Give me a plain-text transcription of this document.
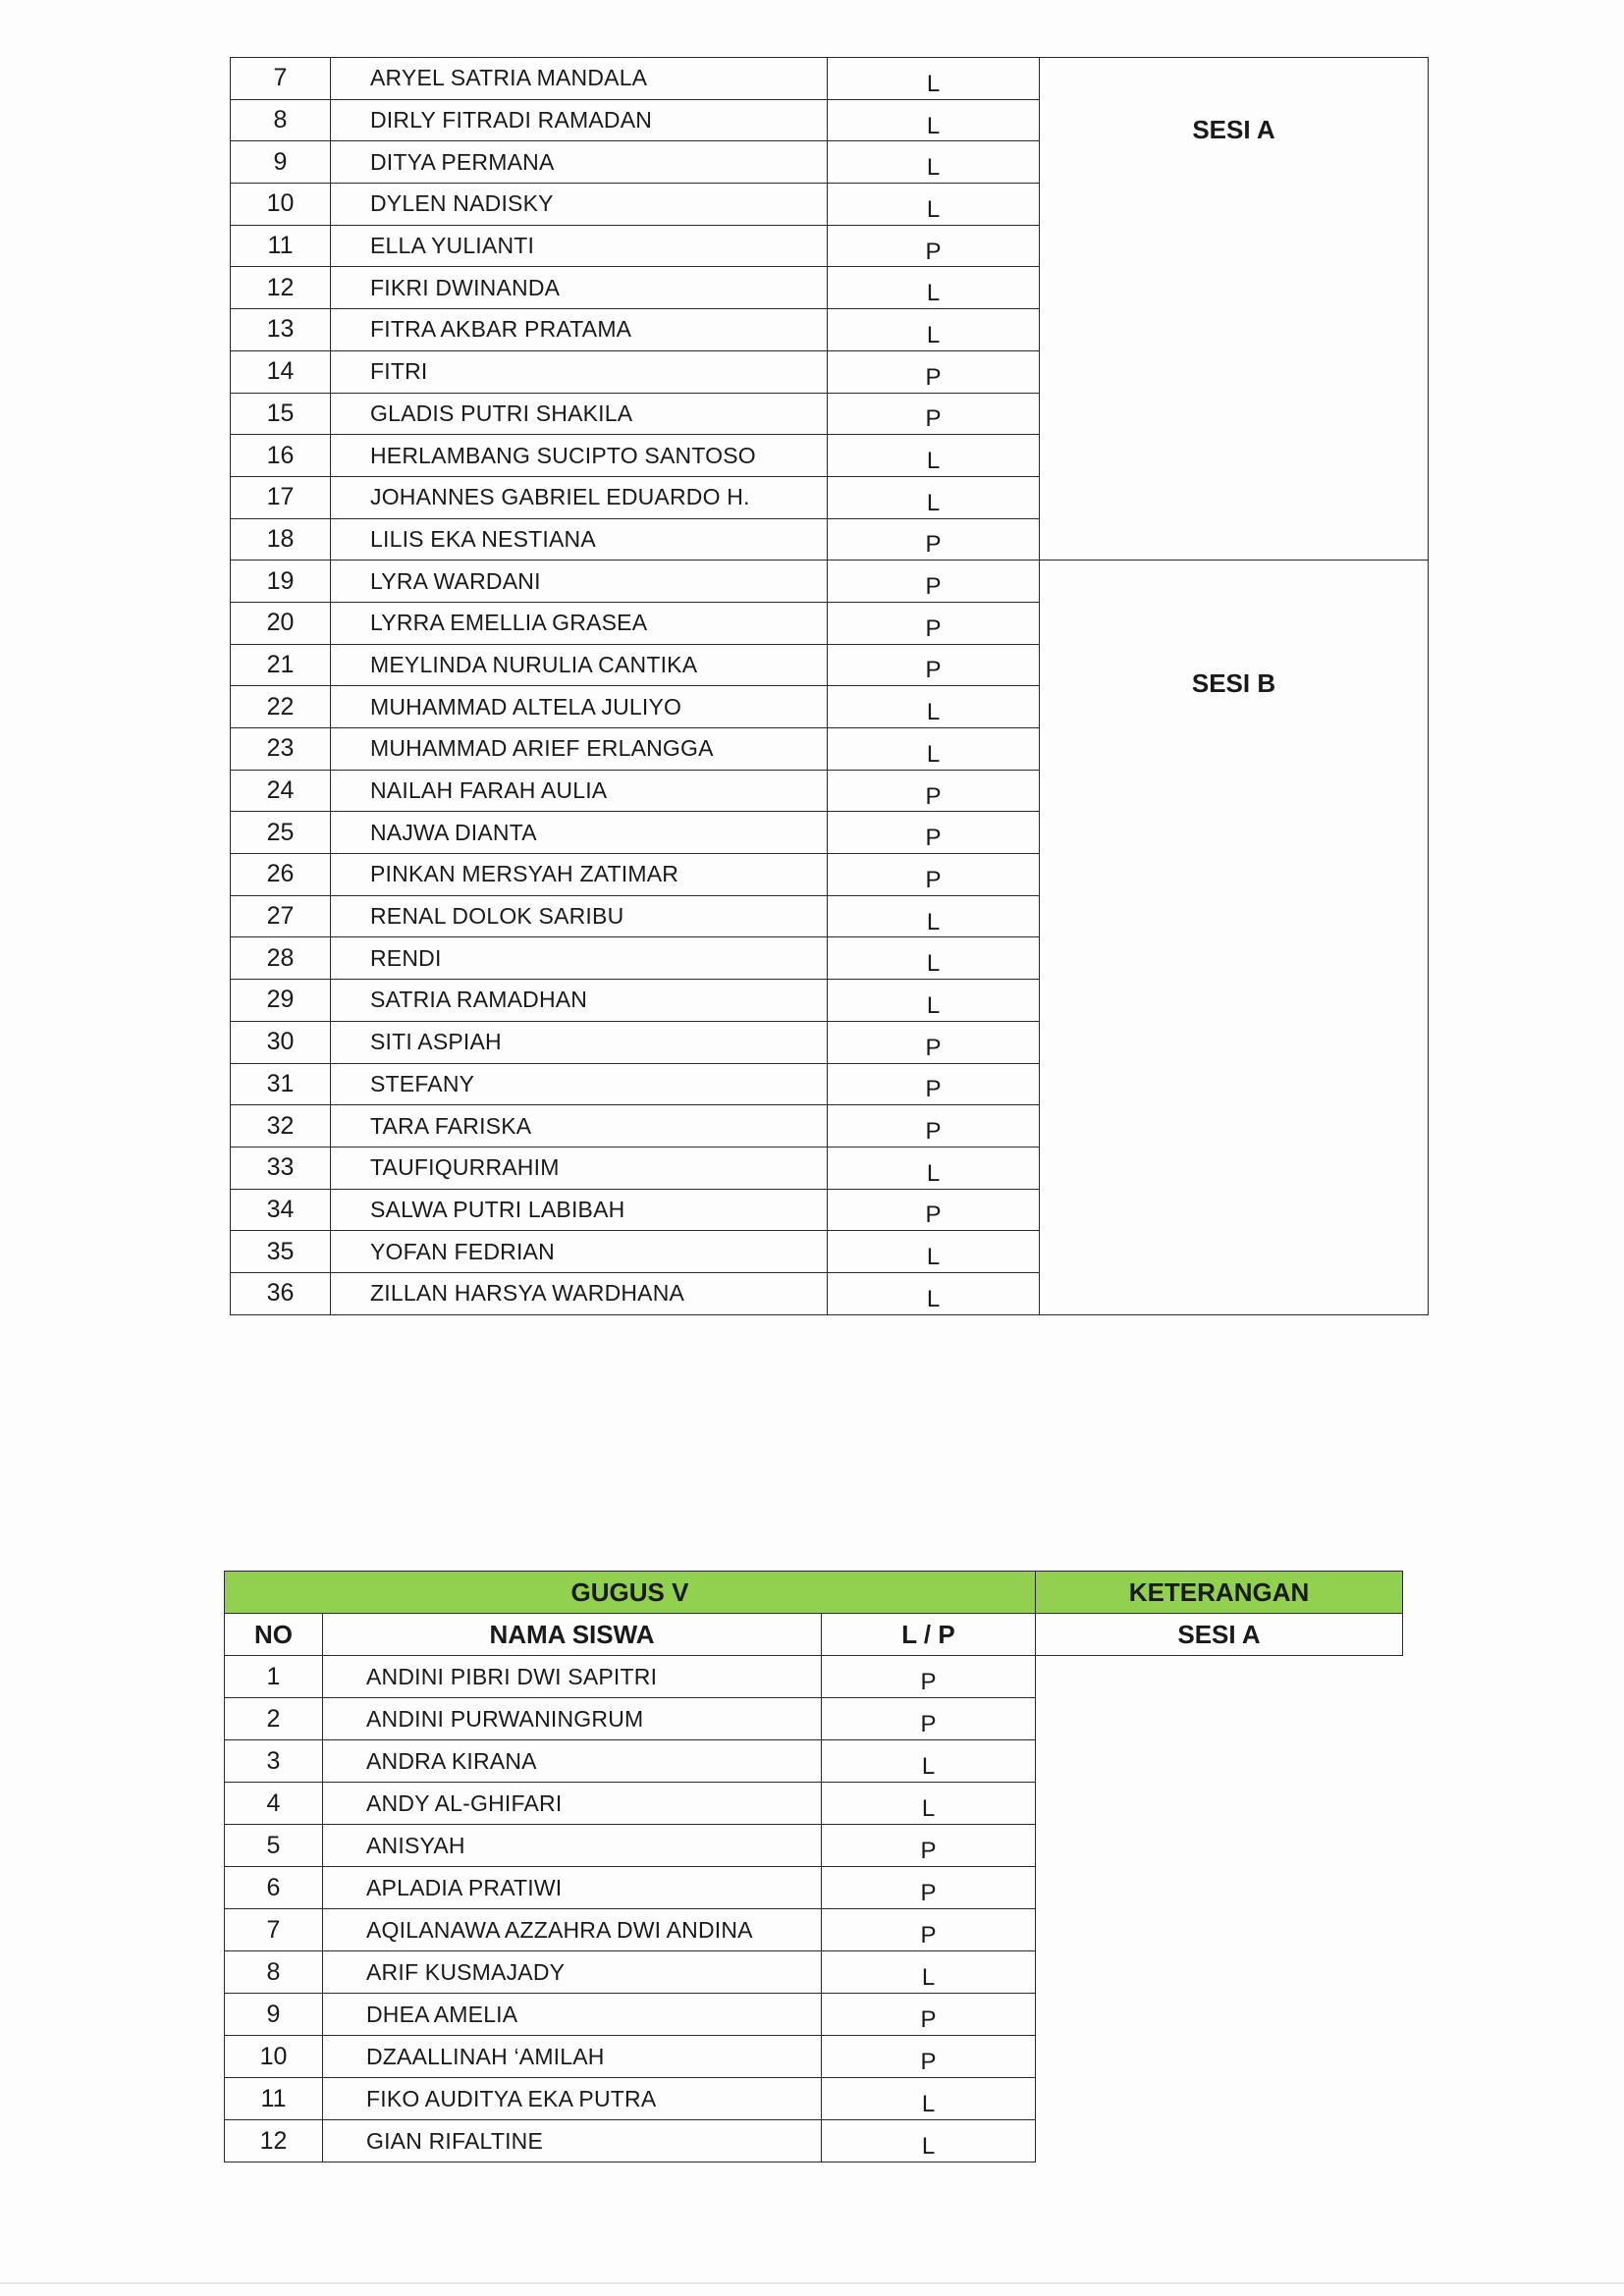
7	ARYEL SATRIA MANDALA	L	SESI A
8	DIRLY FITRADI RAMADAN	L	
9	DITYA PERMANA	L	
10	DYLEN NADISKY	L	
11	ELLA YULIANTI	P	
12	FIKRI DWINANDA	L	
13	FITRA AKBAR PRATAMA	L	
14	FITRI	P	
15	GLADIS PUTRI SHAKILA	P	
16	HERLAMBANG SUCIPTO SANTOSO	L	
17	JOHANNES GABRIEL EDUARDO H.	L	
18	LILIS EKA NESTIANA	P	
19	LYRA WARDANI	P	SESI B
20	LYRRA EMELLIA GRASEA	P	
21	MEYLINDA NURULIA CANTIKA	P	
22	MUHAMMAD ALTELA JULIYO	L	
23	MUHAMMAD ARIEF ERLANGGA	L	
24	NAILAH FARAH AULIA	P	
25	NAJWA DIANTA	P	
26	PINKAN MERSYAH ZATIMAR	P	
27	RENAL DOLOK SARIBU	L	
28	RENDI	L	
29	SATRIA RAMADHAN	L	
30	SITI ASPIAH	P	
31	STEFANY	P	
32	TARA FARISKA	P	
33	TAUFIQURRAHIM	L	
34	SALWA PUTRI LABIBAH	P	
35	YOFAN FEDRIAN	L	
36	ZILLAN HARSYA WARDHANA	L	
GUGUS V			KETERANGAN
NO	NAMA SISWA	L / P	SESI A
1	ANDINI PIBRI DWI SAPITRI	P	
2	ANDINI PURWANINGRUM	P	
3	ANDRA KIRANA	L	
4	ANDY AL-GHIFARI	L	
5	ANISYAH	P	
6	APLADIA PRATIWI	P	
7	AQILANAWA AZZAHRA DWI ANDINA	P	
8	ARIF KUSMAJADY	L	
9	DHEA AMELIA	P	
10	DZAALLINAH ‘AMILAH	P	
11	FIKO AUDITYA EKA PUTRA	L	
12	GIAN RIFALTINE	L	
